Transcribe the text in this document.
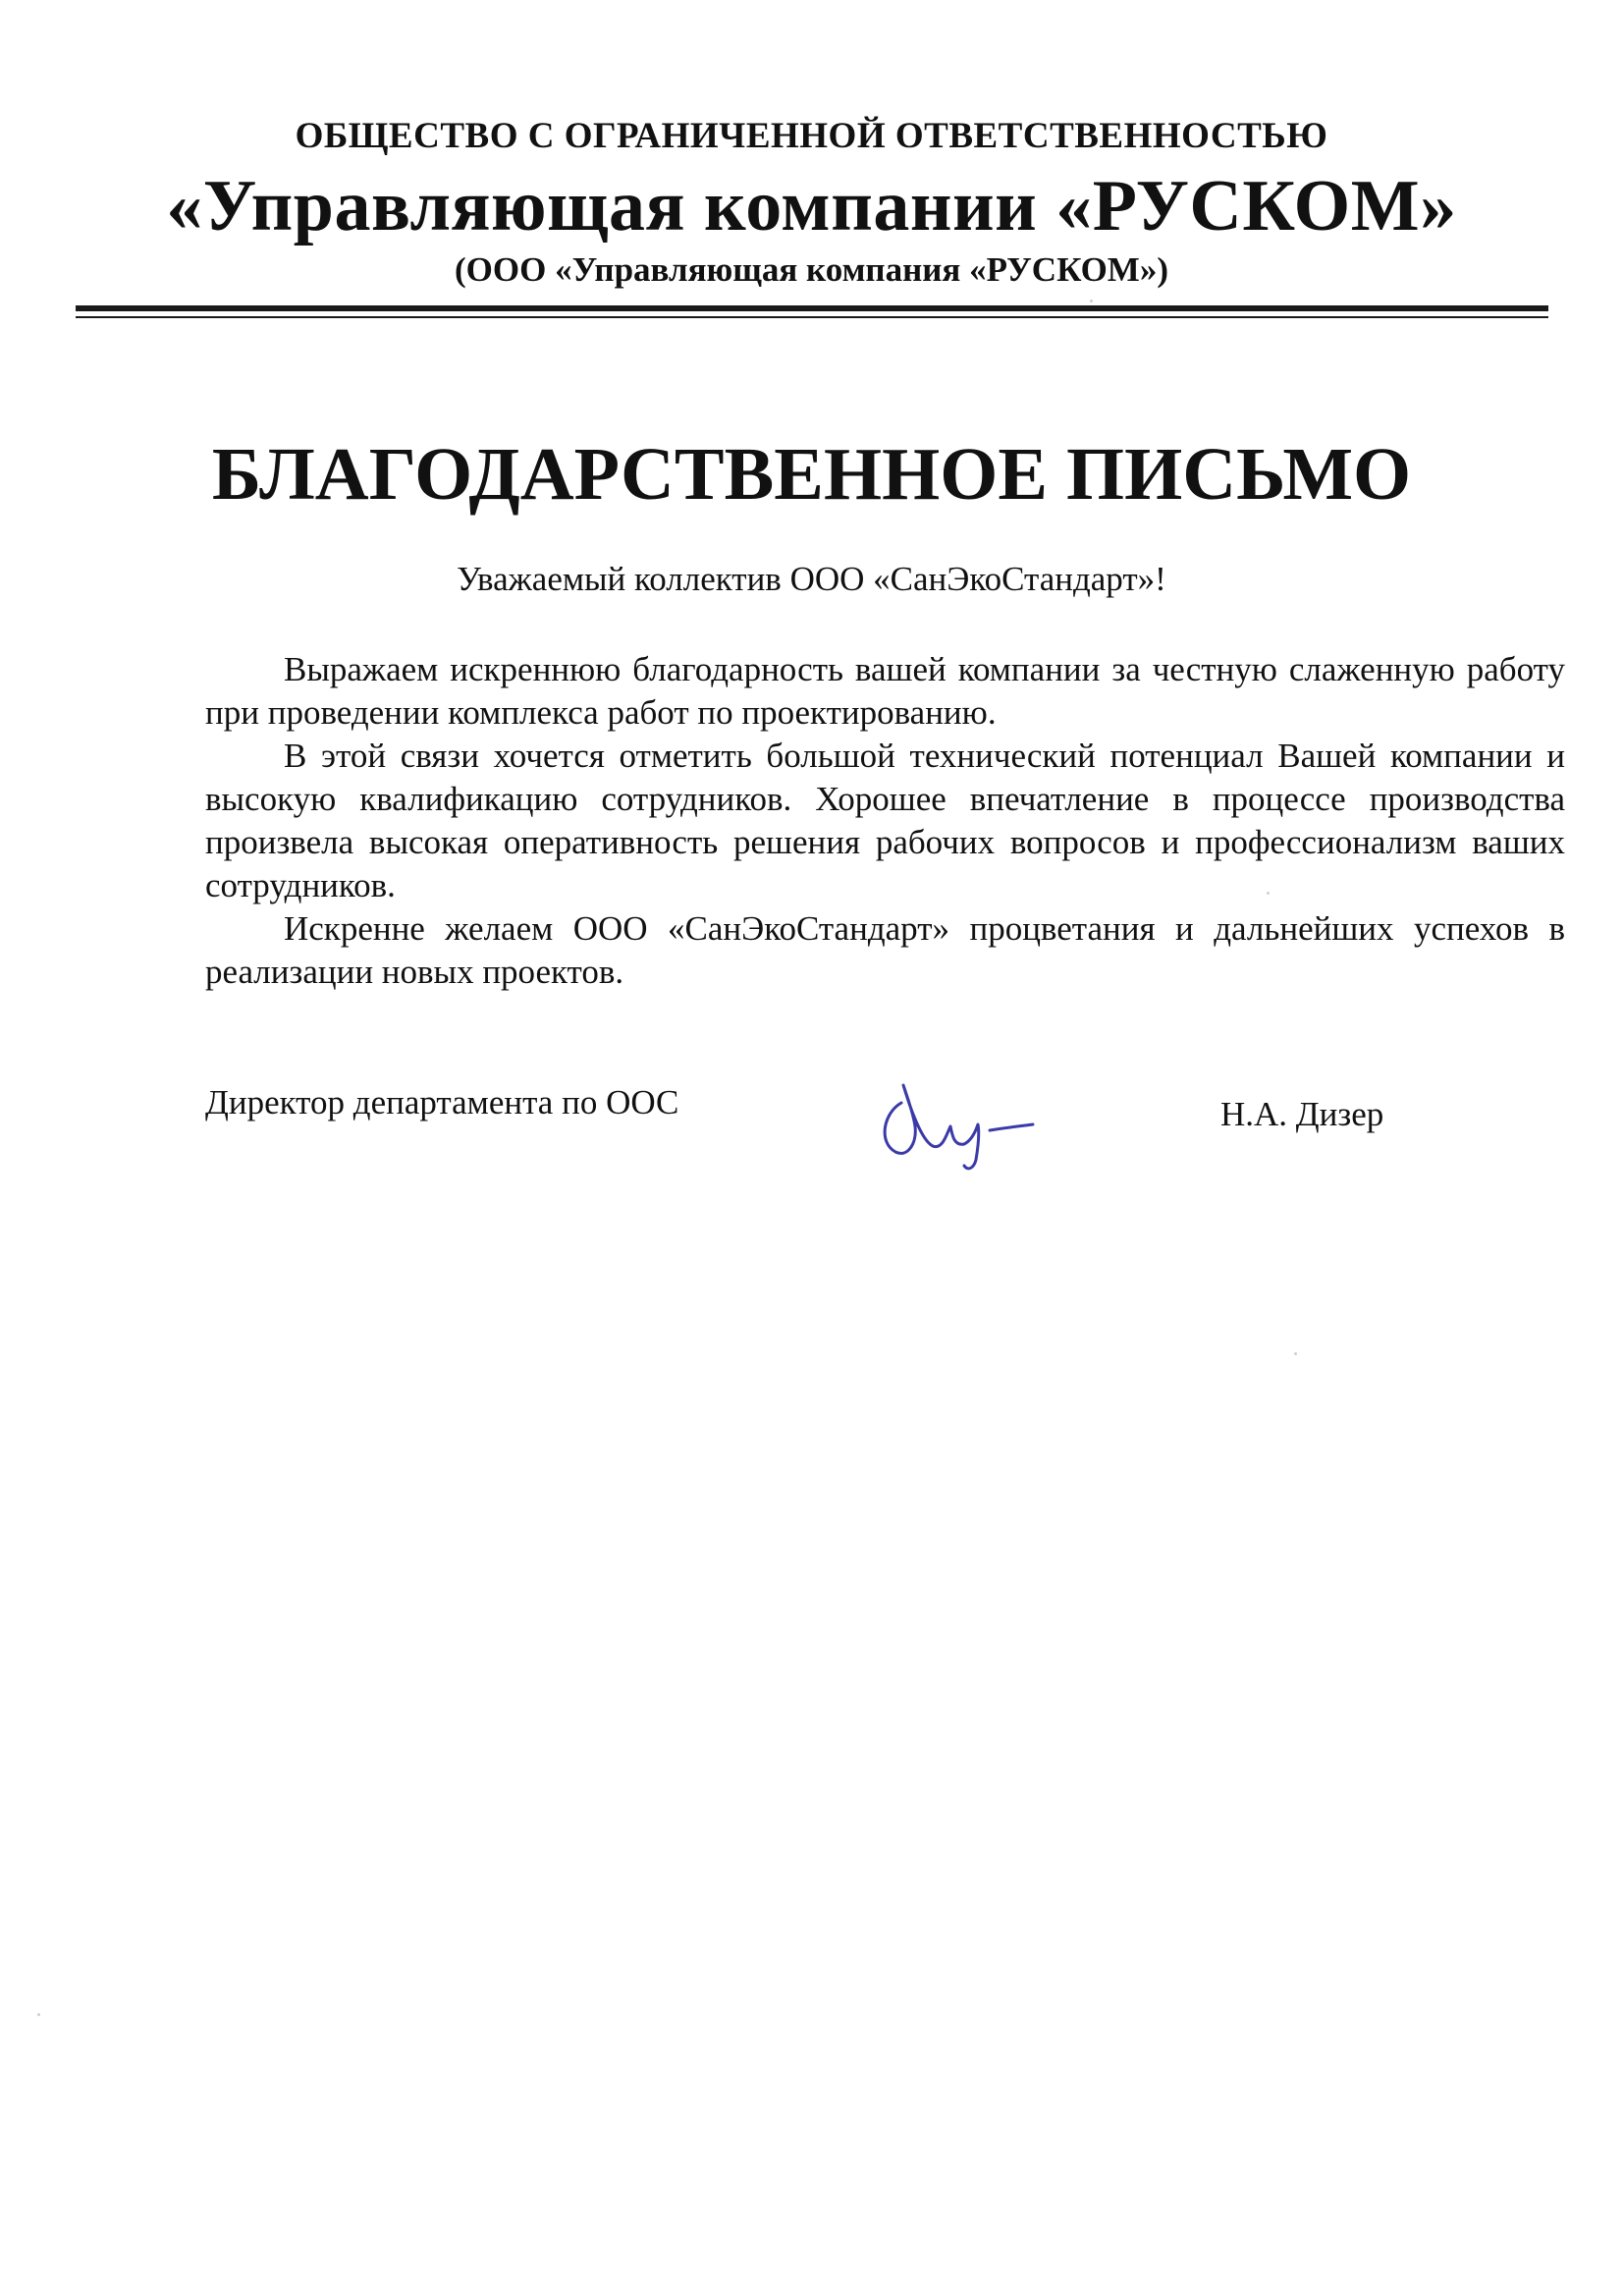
ОБЩЕСТВО С ОГРАНИЧЕННОЙ ОТВЕТСТВЕННОСТЬЮ
«Управляющая компании «РУСКОМ»
(ООО «Управляющая компания «РУСКОМ»)
БЛАГОДАРСТВЕННОЕ ПИСЬМО
Уважаемый коллектив ООО «СанЭкоСтандарт»!

Выражаем искреннюю благодарность вашей компании за честную слаженную работу при проведении комплекса работ по проектированию.

В этой связи хочется отметить большой технический потенциал Вашей компании и высокую квалификацию сотрудников. Хорошее впечатление в процессе производства произвела высокая оперативность решения рабочих вопросов и профессионализм ваших сотрудников.

Искренне желаем ООО «СанЭкоСтандарт» процветания и дальнейших успехов в реализации новых проектов.

Директор департамента по ООС	Н.А. Дизер
